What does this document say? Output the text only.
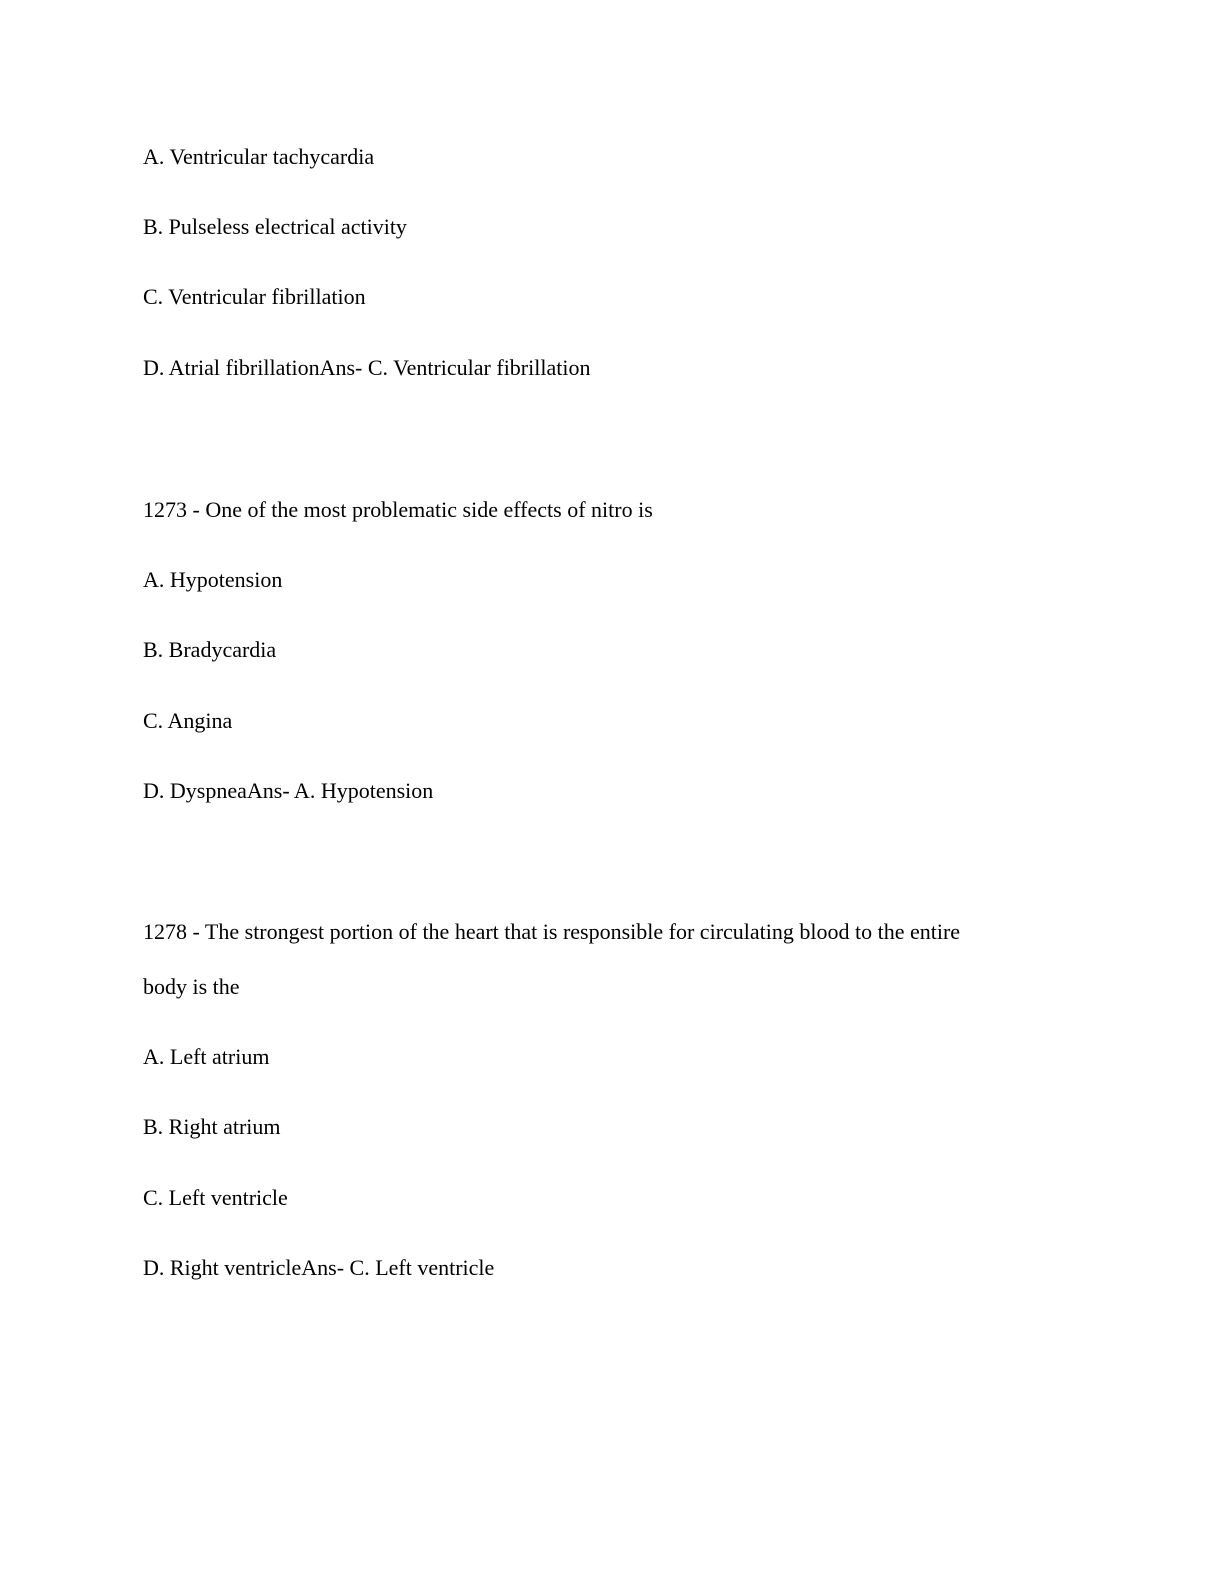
A. Ventricular tachycardia
B. Pulseless electrical activity
C. Ventricular fibrillation
D. Atrial fibrillationAns- C. Ventricular fibrillation
1273 - One of the most problematic side effects of nitro is
A. Hypotension
B. Bradycardia
C. Angina
D. DyspneaAns- A. Hypotension
1278 - The strongest portion of the heart that is responsible for circulating blood to the entire
body is the
A. Left atrium
B. Right atrium
C. Left ventricle
D. Right ventricleAns- C. Left ventricle
